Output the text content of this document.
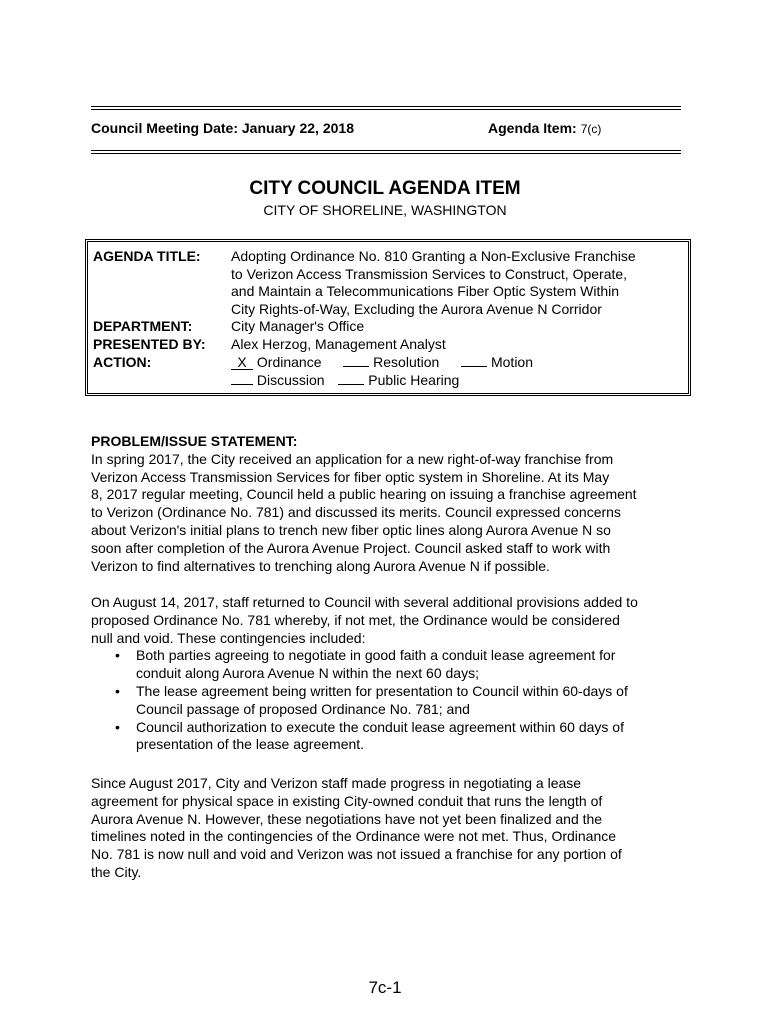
Council Meeting Date: January 22, 2018	Agenda Item: 7(c)
CITY COUNCIL AGENDA ITEM
CITY OF SHORELINE, WASHINGTON
AGENDA TITLE: Adopting Ordinance No. 810 Granting a Non-Exclusive Franchise
to Verizon Access Transmission Services to Construct, Operate,
and Maintain a Telecommunications Fiber Optic System Within
City Rights-of-Way, Excluding the Aurora Avenue N Corridor
DEPARTMENT:	City Manager's Office
PRESENTED BY: Alex Herzog, Management Analyst
ACTION:	X Ordinance	Resolution	Motion
Discussion	Public Hearing

PROBLEM/ISSUE STATEMENT:

In spring 2017, the City received an application for a new right-of-way franchise from

Verizon Access Transmission Services for fiber optic system in Shoreline. At its May

8, 2017 regular meeting, Council held a public hearing on issuing a franchise agreement

to Verizon (Ordinance No. 781) and discussed its merits. Council expressed concerns

about Verizon's initial plans to trench new fiber optic lines along Aurora Avenue N so

soon after completion of the Aurora Avenue Project. Council asked staff to work with

Verizon to find alternatives to trenching along Aurora Avenue N if possible.

On August 14, 2017, staff returned to Council with several additional provisions added to

proposed Ordinance No. 781 whereby, if not met, the Ordinance would be considered

null and void. These contingencies included:

• Both parties agreeing to negotiate in good faith a conduit lease agreement for
conduit along Aurora Avenue N within the next 60 days;
• The lease agreement being written for presentation to Council within 60-days of
Council passage of proposed Ordinance No. 781; and
• Council authorization to execute the conduit lease agreement within 60 days of
presentation of the lease agreement.

Since August 2017, City and Verizon staff made progress in negotiating a lease

agreement for physical space in existing City-owned conduit that runs the length of

Aurora Avenue N. However, these negotiations have not yet been finalized and the

timelines noted in the contingencies of the Ordinance were not met. Thus, Ordinance

No. 781 is now null and void and Verizon was not issued a franchise for any portion of

the City.

7c-1
